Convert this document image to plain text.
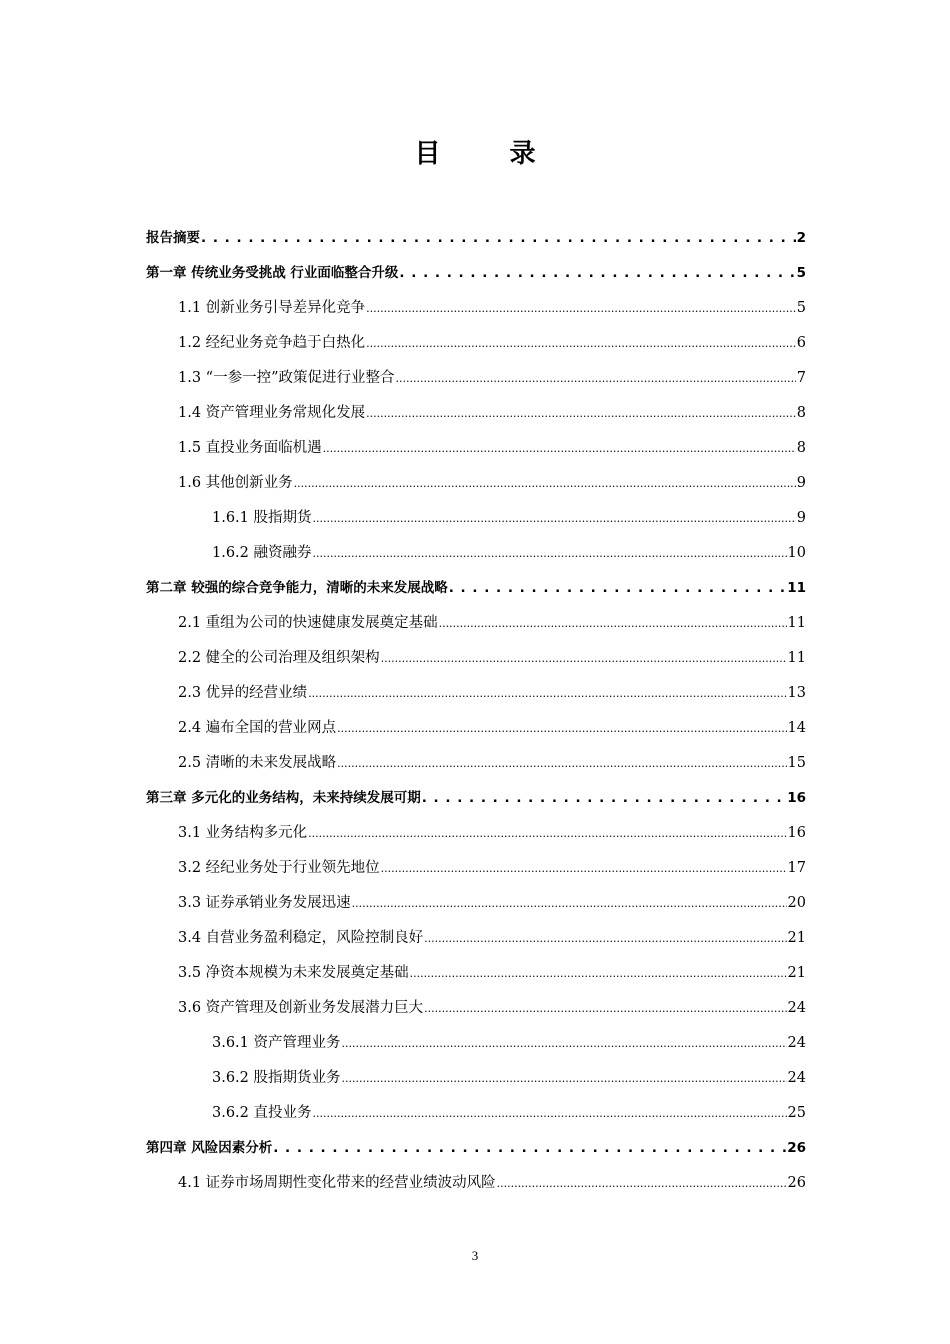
目 录
报告摘要 . . .	2
第一章 传统业务受挑战 行业面临整合升级 . . .	5
1.1 创新业务引导差异化竞争 .....	5
1.2 经纪业务竞争趋于白热化 .....	6
1.3 “一参一控”政策促进行业整合 .....	7
1.4 资产管理业务常规化发展 .....	8
1.5 直投业务面临机遇 .....	8
1.6 其他创新业务 .....	9
1.6.1 股指期货 .....	9
1.6.2 融资融券 .....	10
第二章 较强的综合竞争能力，清晰的未来发展战略 . . .	11
2.1 重组为公司的快速健康发展奠定基础 .....	11
2.2 健全的公司治理及组织架构 .....	11
2.3 优异的经营业绩 .....	13
2.4 遍布全国的营业网点 .....	14
2.5 清晰的未来发展战略 .....	15
第三章 多元化的业务结构，未来持续发展可期 . . .	16
3.1 业务结构多元化 .....	16
3.2 经纪业务处于行业领先地位 .....	17
3.3 证券承销业务发展迅速 .....	20
3.4 自营业务盈利稳定，风险控制良好 .....	21
3.5 净资本规模为未来发展奠定基础 .....	21
3.6 资产管理及创新业务发展潜力巨大 .....	24
3.6.1 资产管理业务 .....	24
3.6.2 股指期货业务 .....	24
3.6.2 直投业务 .....	25
第四章 风险因素分析 . . .	26
4.1 证券市场周期性变化带来的经营业绩波动风险 .....	26
3
